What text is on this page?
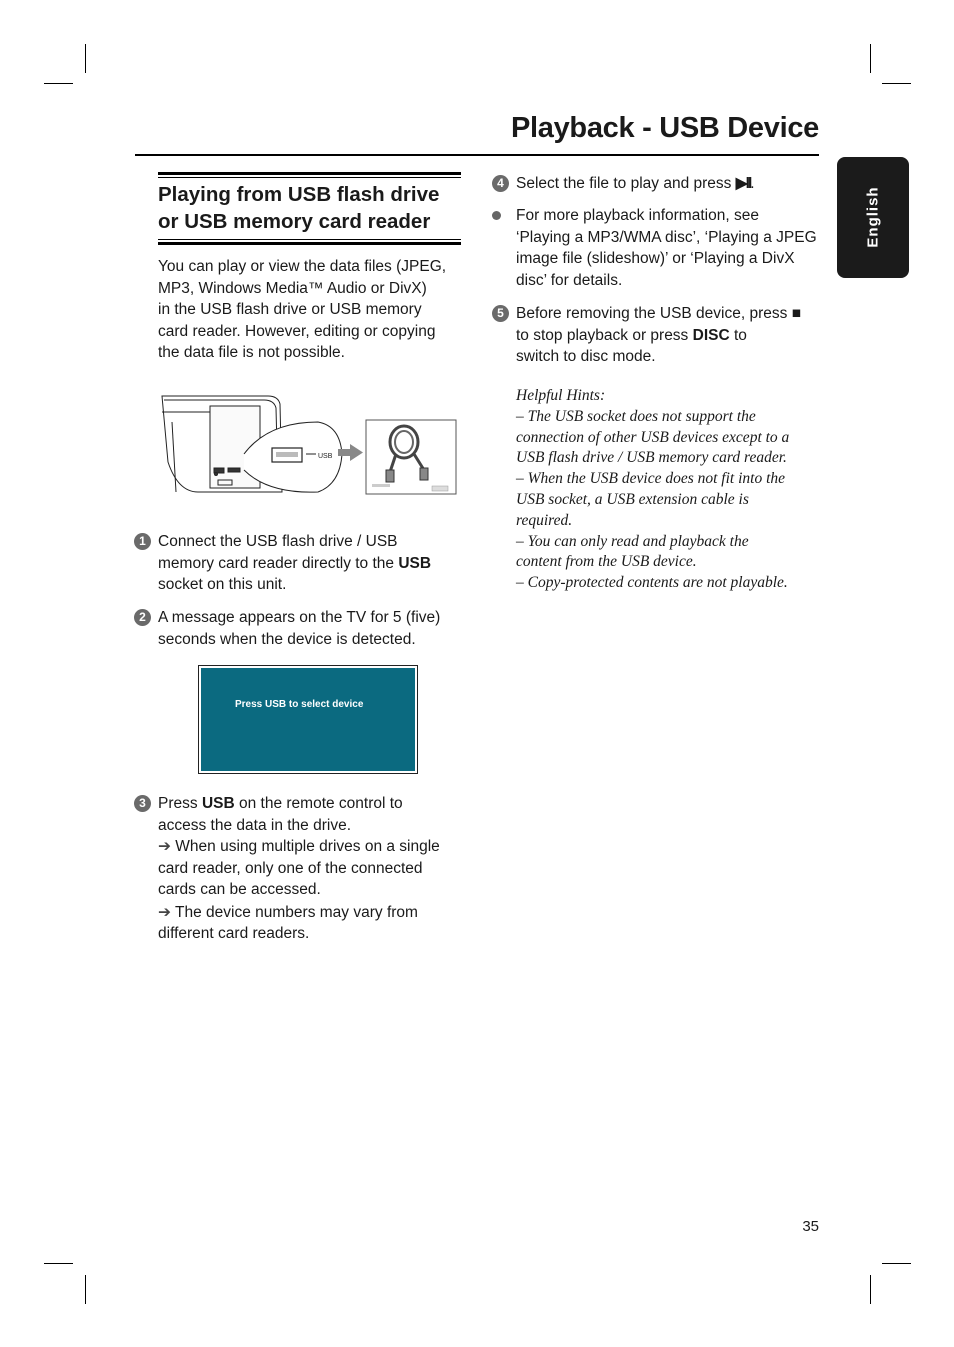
Playback - USB Device
English
Playing from USB flash drive
or USB memory card reader
You can play or view the data files (JPEG,
MP3, Windows Media™ Audio or DivX)
in the USB flash drive or USB memory
card reader. However, editing or copying
the data file is not possible.
USB
1 Connect the USB flash drive / USB
memory card reader directly to the USB
socket on this unit.
2 A message appears on the TV for 5 (five)
seconds when the device is detected.
Press USB to select device
3 Press USB on the remote control to
access the data in the drive.
➔ When using multiple drives on a single
card reader, only one of the connected
cards can be accessed.
➔ The device numbers may vary from
different card readers.
4 Select the file to play and press ▶II.
For more playback information, see
‘Playing a MP3/WMA disc’, ‘Playing a JPEG
image file (slideshow)’ or ‘Playing a DivX
disc’ for details.
5 Before removing the USB device, press ■
to stop playback or press DISC to
switch to disc mode.
Helpful Hints:
– The USB socket does not support the
connection of other USB devices except to a
USB flash drive / USB memory card reader.
– When the USB device does not fit into the
USB socket, a USB extension cable is
required.
– You can only read and playback the
content from the USB device.
– Copy-protected contents are not playable.
35
